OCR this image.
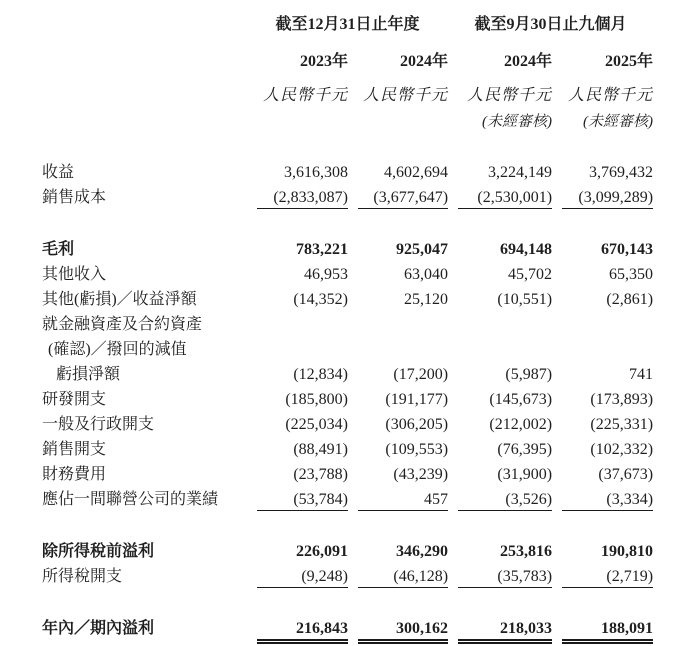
	截至12月31日止年度		截至9月30日止九個月	
	2023年	2024年	2024年	2025年
	人民幣千元	人民幣千元	人民幣千元	人民幣千元
			(未經審核)	(未經審核)
收益	3,616,308	4,602,694	3,224,149	3,769,432

銷售成本	(2,833,087)	(3,677,647)	(2,530,001)	(3,099,289)

毛利	783,221	925,047	694,148	670,143

其他收入	46,953	63,040	45,702	65,350

其他(虧損)／收益淨額	(14,352)	25,120	(10,551)	(2,861)

就金融資產及合約資產	

(確認)／撥回的減值	

虧損淨額	(12,834)	(17,200)	(5,987)	741

研發開支	(185,800)	(191,177)	(145,673)	(173,893)

一般及行政開支	(225,034)	(306,205)	(212,002)	(225,331)

銷售開支	(88,491)	(109,553)	(76,395)	(102,332)

財務費用	(23,788)	(43,239)	(31,900)	(37,673)

應佔一間聯營公司的業績	(53,784)	457	(3,526)	(3,334)

除所得稅前溢利	226,091	346,290	253,816	190,810

所得稅開支	(9,248)	(46,128)	(35,783)	(2,719)

年內／期內溢利	216,843	300,162	218,033	188,091
